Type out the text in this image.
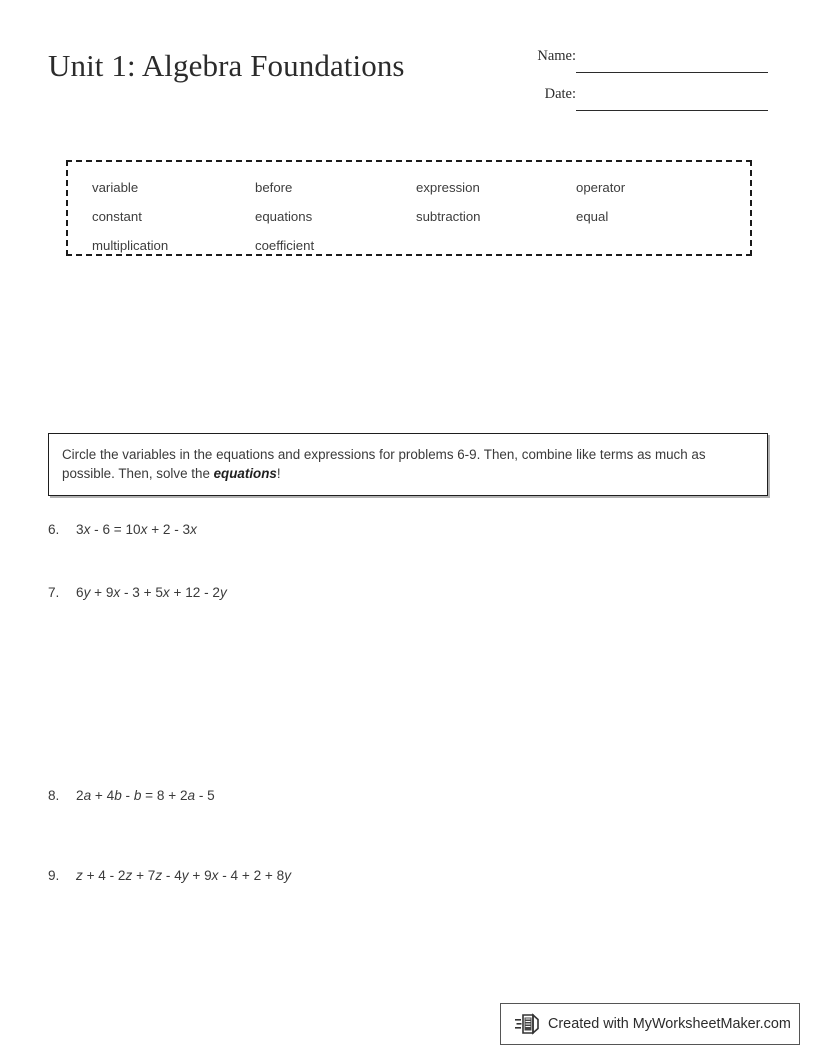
Unit 1: Algebra Foundations	Name:
Date:
variable	before	expression	operator
constant	equations	subtraction	equal
multiplication	coefficient
Circle the variables in the equations and expressions for problems 6-9. Then, combine like terms as much as possible. Then, solve the equations!
6. 3x - 6 = 10x + 2 - 3x
7. 6y + 9x - 3 + 5x + 12 - 2y
8. 2a + 4b - b = 8 + 2a - 5
9. z + 4 - 2z + 7z - 4y + 9x - 4 + 2 + 8y
Created with MyWorksheetMaker.com
